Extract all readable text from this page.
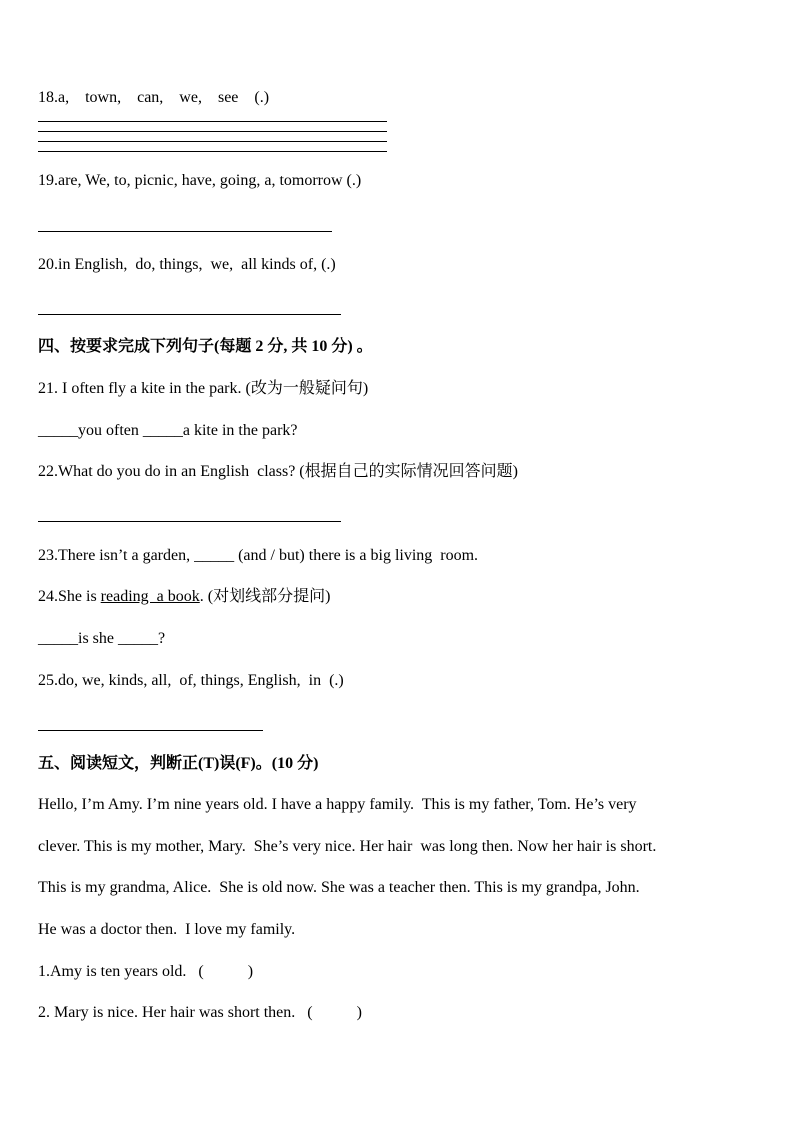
18.a,    town,    can,    we,    see    (.)
19.are, We, to, picnic, have, going, a, tomorrow (.)
20.in English,  do, things,  we,  all kinds of, (.)
四、按要求完成下列句子(每题 2 分, 共 10 分) 。
21. I often fly a kite in the park. (改为一般疑问句)
_____you often _____a kite in the park?
22.What do you do in an English  class? (根据自己的实际情况回答问题)
23.There isn’t a garden, _____ (and / but) there is a big living  room.
24.She is reading  a book. (对划线部分提问)
_____is she _____?
25.do, we, kinds, all,  of, things, English,  in  (.)
五、阅读短文，判断正(T)误(F)。(10 分)
Hello, I’m Amy. I’m nine years old. I have a happy family.  This is my father, Tom. He’s very
clever. This is my mother, Mary.  She’s very nice. Her hair  was long then. Now her hair is short.
This is my grandma, Alice.  She is old now. She was a teacher then. This is my grandpa, John.
He was a doctor then.  I love my family.
1.Amy is ten years old.   (           )
2. Mary is nice. Her hair was short then.   (           )
